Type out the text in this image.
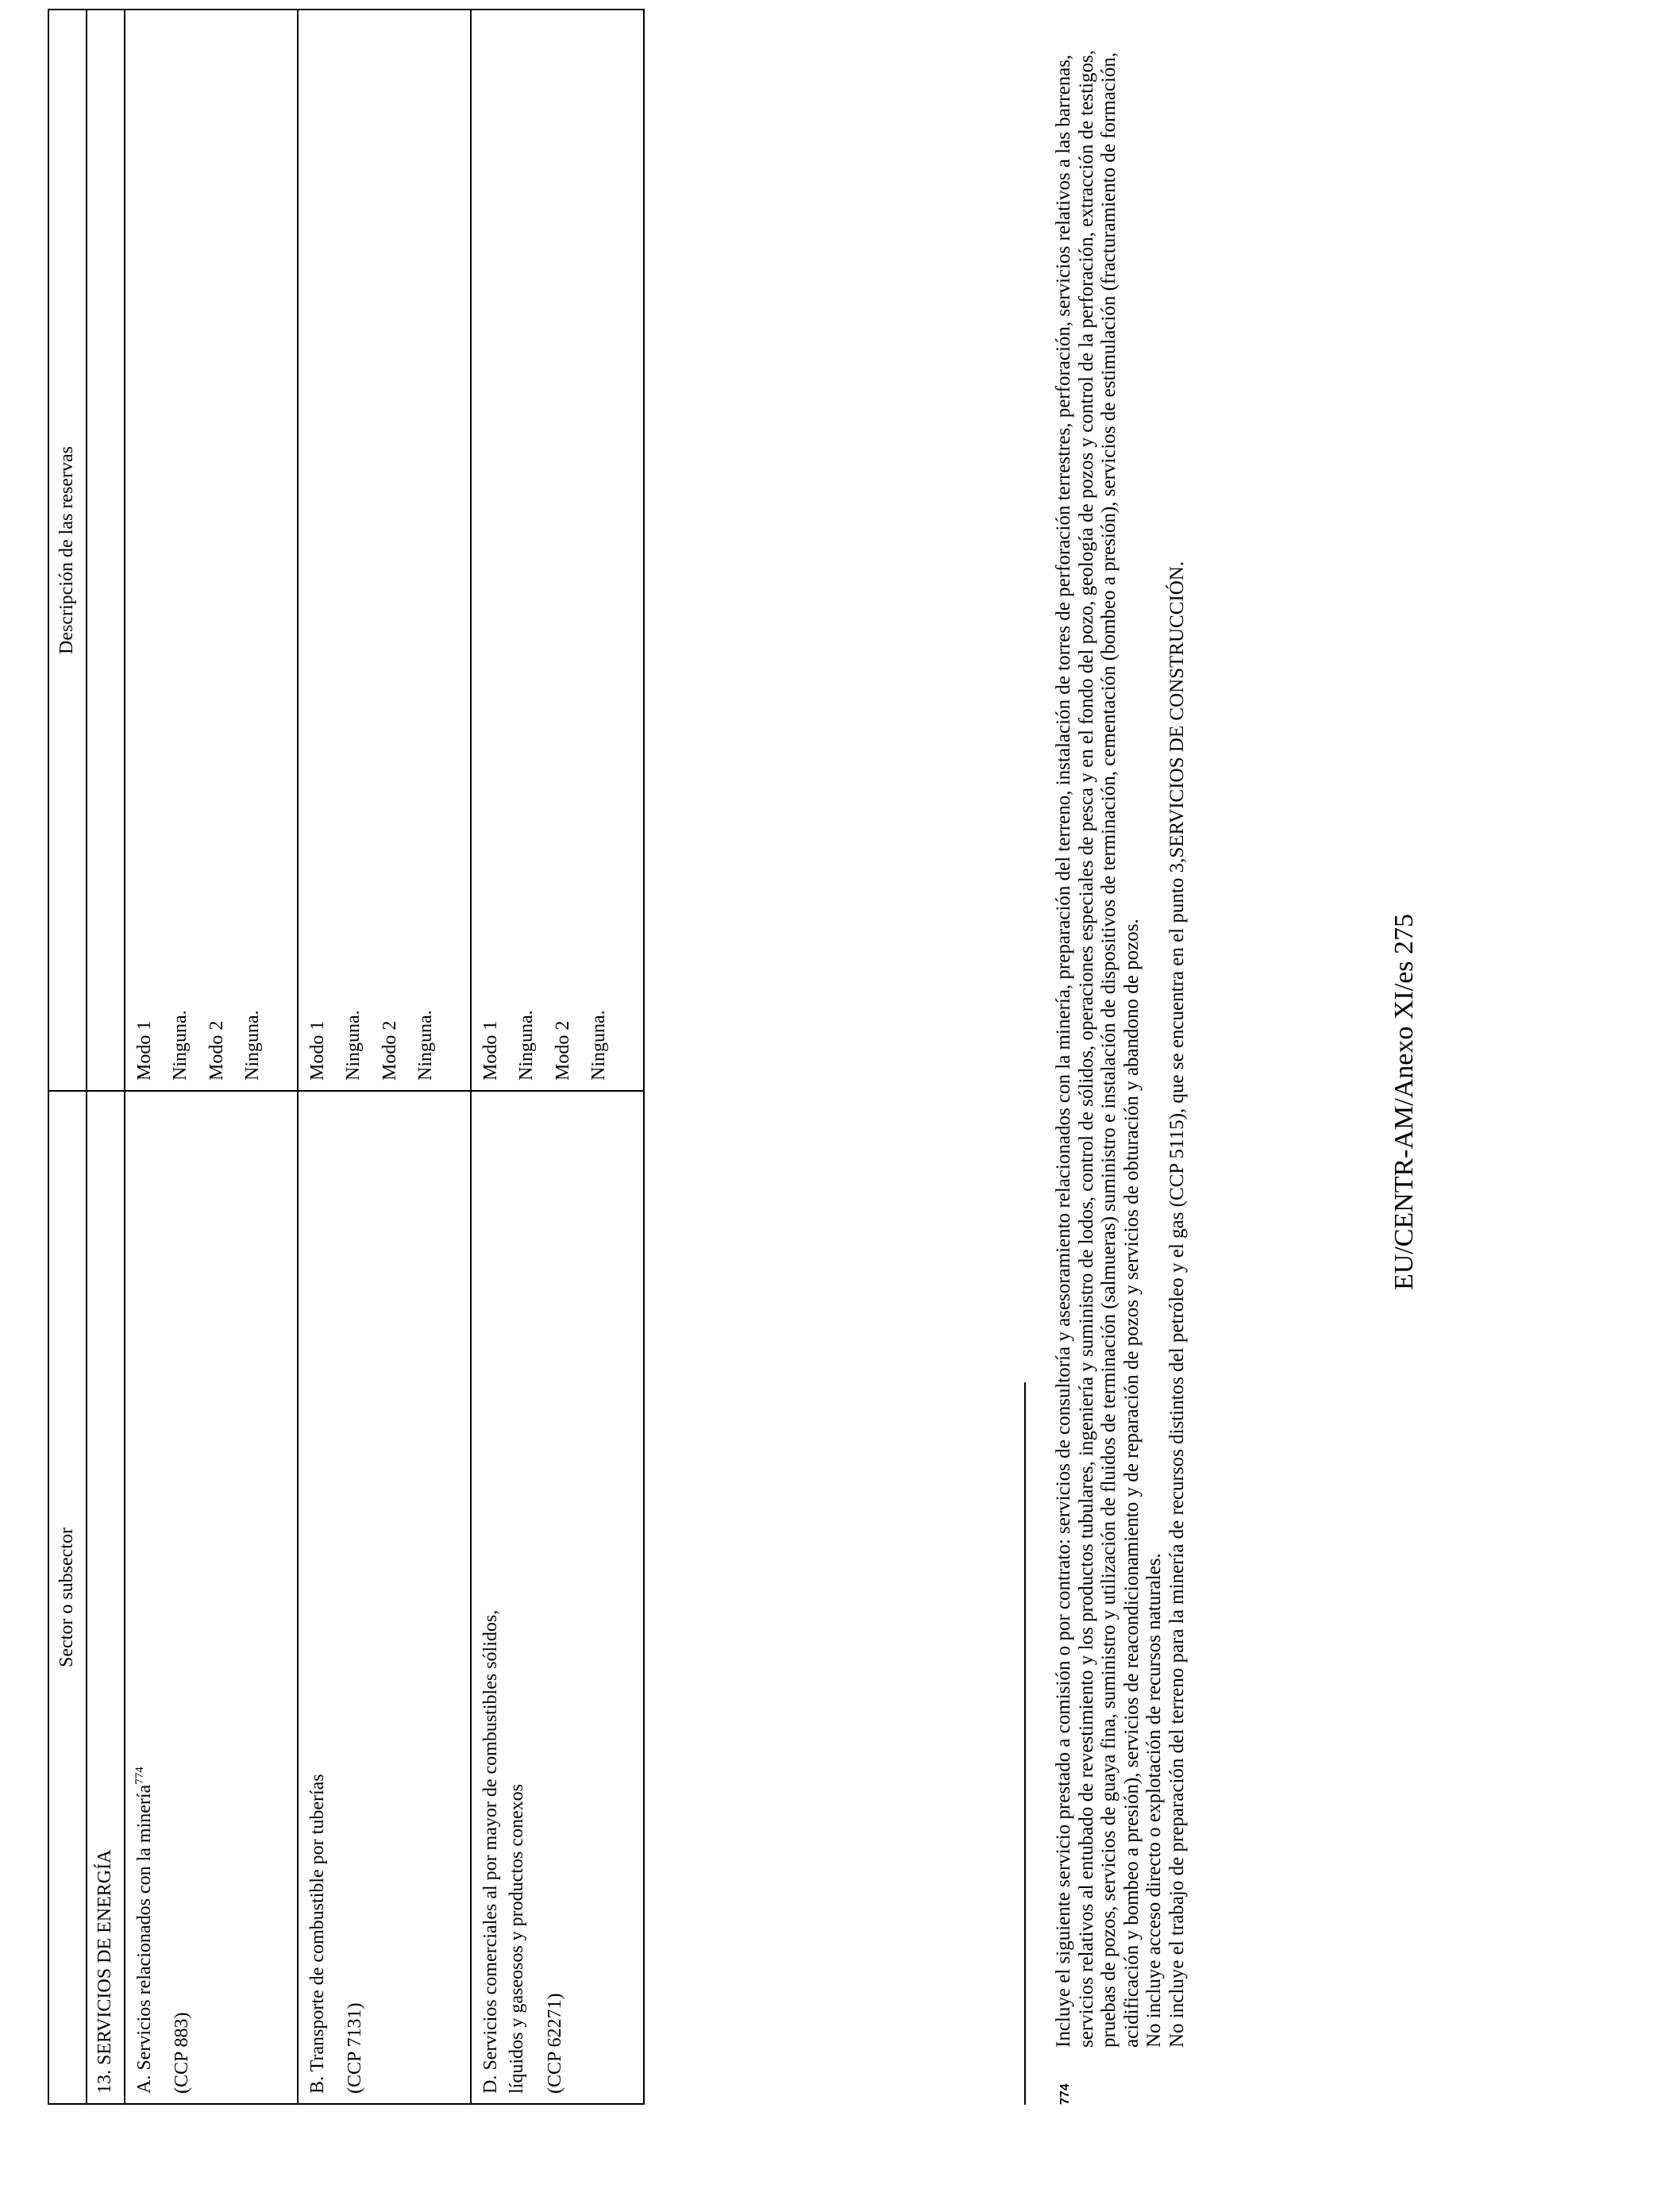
Sector o subsector	Descripción de las reservas
13. SERVICIOS DE ENERGÍA	

A. Servicios relacionados con la minería$^{774}$
(CCP 883)	Modo 1 Ninguna. Modo 2 Ninguna.

B. Transporte de combustible por tuberías (CCP 7131)	Modo 1 Ninguna. Modo 2 Ninguna.

D. Servicios comerciales al por mayor de combustibles sólidos, líquidos y gaseosos y productos conexos (CCP 62271)	Modo 1 Ninguna. Modo 2 Ninguna.
774

Incluye el siguiente servicio prestado a comisión o por contrato: servicios de consultoría y asesoramiento relacionados con la minería, preparación del terreno, instalación de torres de perforación terrestres, perforación, servicios relativos a las barrenas, servicios relativos al entubado de revestimiento y los productos tubulares, ingeniería y suministro de lodos, control de sólidos, operaciones especiales de pesca y en el fondo del pozo, geología de pozos y control de la perforación, extracción de testigos, pruebas de pozos, servicios de guaya fina, suministro y utilización de fluidos de terminación (salmueras) suministro e instalación de dispositivos de terminación, cementación (bombeo a presión), servicios de estimulación (fracturamiento de formación, acidificación y bombeo a presión), servicios de reacondicionamiento y de reparación de pozos y servicios de obturación y abandono de pozos. No incluye acceso directo o explotación de recursos naturales. No incluye el trabajo de preparación del terreno para la minería de recursos distintos del petróleo y el gas (CCP 5115), que se encuentra en el punto 3,SERVICIOS DE CONSTRUCCIÓN.	EU/CENTR-AM/Anexo XI/es 275
